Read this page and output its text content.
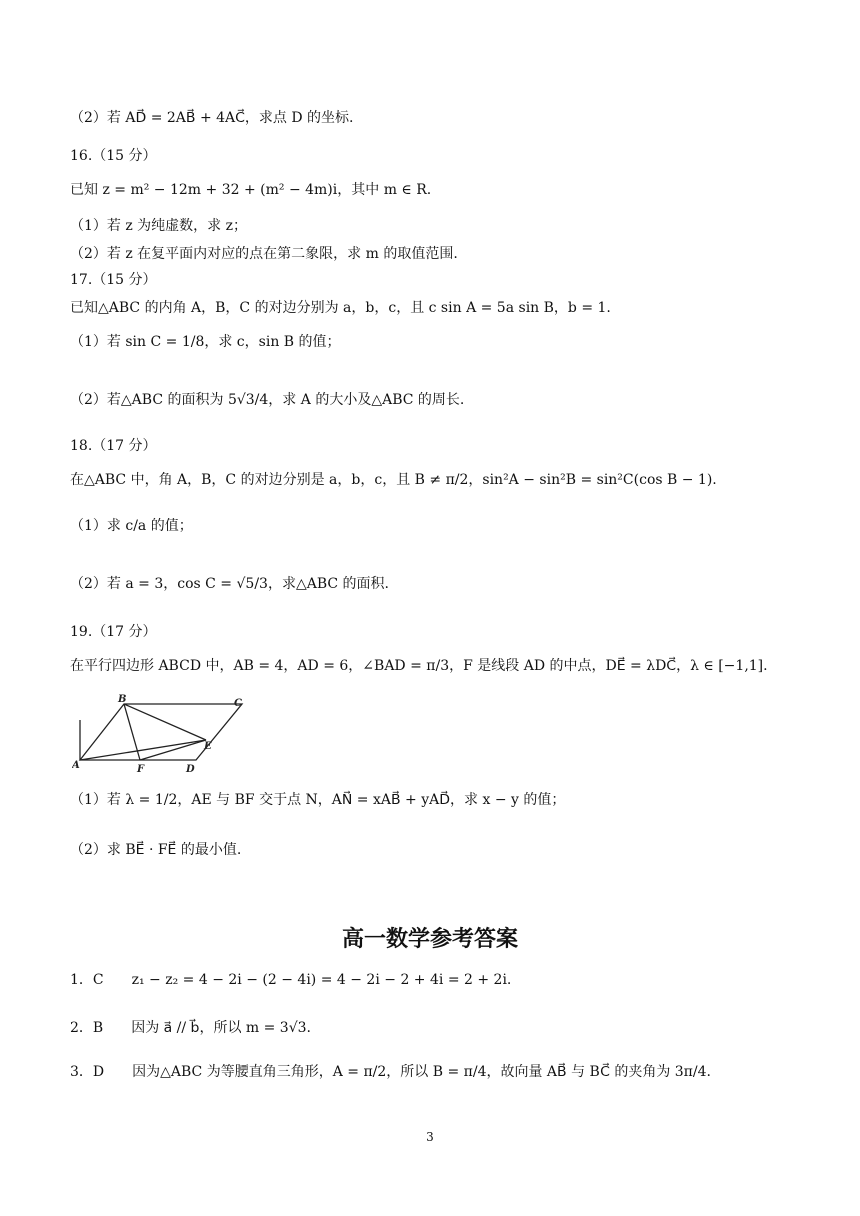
（2）若 AD⃗ = 2AB⃗ + 4AC⃗，求点 D 的坐标.
16.（15 分）
已知 z = m² − 12m + 32 + (m² − 4m)i，其中 m ∈ R.
（1）若 z 为纯虚数，求 z；
（2）若 z 在复平面内对应的点在第二象限，求 m 的取值范围.
17.（15 分）
已知△ABC 的内角 A，B，C 的对边分别为 a，b，c，且 c sin A = 5a sin B，b = 1.
（1）若 sin C = 1/8，求 c，sin B 的值；
（2）若△ABC 的面积为 5√3/4，求 A 的大小及△ABC 的周长.
18.（17 分）
在△ABC 中，角 A，B，C 的对边分别是 a，b，c，且 B ≠ π/2，sin²A − sin²B = sin²C(cos B − 1).
（1）求 c/a 的值；
（2）若 a = 3，cos C = √5/3，求△ABC 的面积.
19.（17 分）
在平行四边形 ABCD 中，AB = 4，AD = 6，∠BAD = π/3，F 是线段 AD 的中点，DE⃗ = λDC⃗，λ ∈ [−1,1].
（1）若 λ = 1/2，AE 与 BF 交于点 N，AN⃗ = xAB⃗ + yAD⃗，求 x − y 的值；
（2）求 BE⃗ · FE⃗ 的最小值.
A
B	C
D
E
F
高一数学参考答案
1．C　　z₁ − z₂ = 4 − 2i − (2 − 4i) = 4 − 2i − 2 + 4i = 2 + 2i.
2．B　　因为 a⃗ // b⃗，所以 m = 3√3.
3．D　　因为△ABC 为等腰直角三角形，A = π/2，所以 B = π/4，故向量 AB⃗ 与 BC⃗ 的夹角为 3π/4.
3
